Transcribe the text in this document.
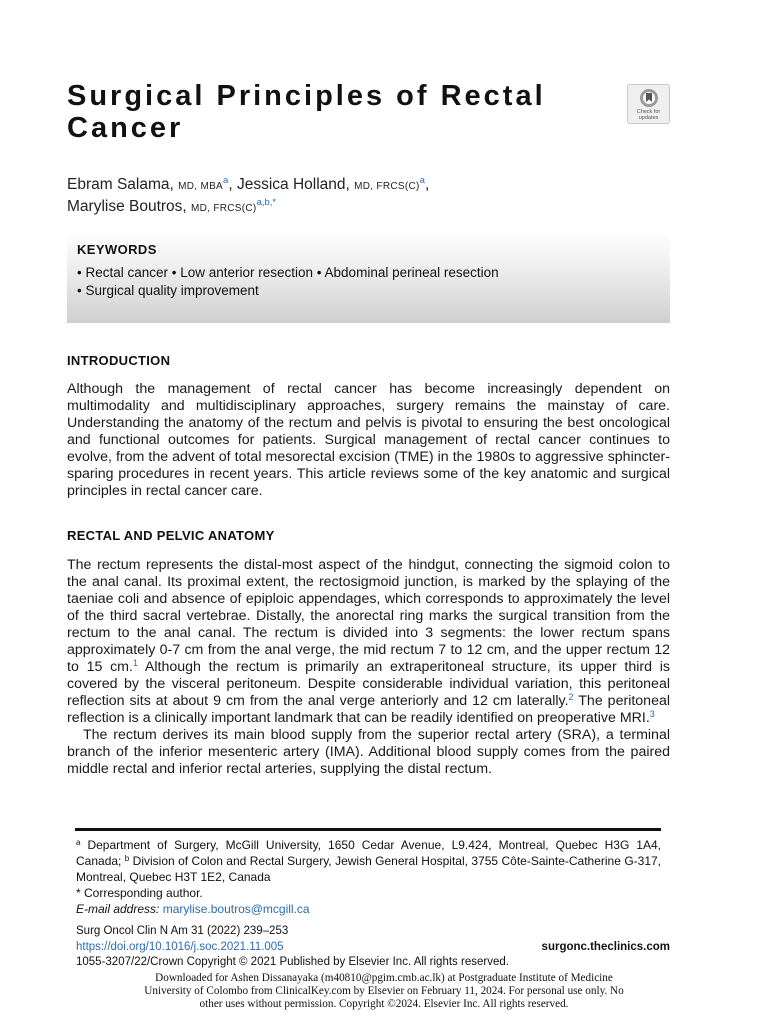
Surgical Principles of Rectal Cancer	Check for
updates
Ebram Salama, MD, MBA$^a$, Jessica Holland, MD, $FRCS(C)^a$,
Marylise Boutros, MD, $FRCS(C)^{a,b,*}$
KEYWORDS
• Rectal cancer • Low anterior resection • Abdominal perineal resection
• Surgical quality improvement
INTRODUCTION

Although the management of rectal cancer has become increasingly dependent on multimodality and multidisciplinary approaches, surgery remains the mainstay of care. Understanding the anatomy of the rectum and pelvis is pivotal to ensuring the best oncological and functional outcomes for patients. Surgical management of rectal cancer continues to evolve, from the advent of total mesorectal excision (TME) in the 1980s to aggressive sphincter-sparing procedures in recent years. This article reviews some of the key anatomic and surgical principles in rectal cancer care.

RECTAL AND PELVIC ANATOMY

The rectum represents the distal-most aspect of the hindgut, connecting the sigmoid colon to the anal canal. Its proximal extent, the rectosigmoid junction, is marked by the splaying of the taeniae coli and absence of epiploic appendages, which corresponds to approximately the level of the third sacral vertebrae. Distally, the anorectal ring marks the surgical transition from the rectum to the anal canal. The rectum is divided into 3 segments: the lower rectum spans approximately 0-7 cm from the anal verge, the mid rectum 7 to 12 cm, and the upper rectum 12 to 15 cm.$^1$ Although the rectum is primarily an extraperitoneal structure, its upper third is covered by the visceral peritoneum. Despite considerable individual variation, this peritoneal reflection sits at about 9 cm from the anal verge anteriorly and 12 cm laterally.$^2$ The peritoneal reflection is a clinically important landmark that can be readily identified on preoperative MRI.$^3$

The rectum derives its main blood supply from the superior rectal artery (SRA), a terminal branch of the inferior mesenteric artery (IMA). Additional blood supply comes from the paired middle rectal and inferior rectal arteries, supplying the distal rectum.

$^a$ Department of Surgery, McGill University, 1650 Cedar Avenue, L9.424, Montreal, Quebec H3G 1A4, Canada; $^b$ Division of Colon and Rectal Surgery, Jewish General Hospital, 3755 Côte-Sainte-Catherine G-317, Montreal, Quebec H3T 1E2, Canada
* Corresponding author.
E-mail address: marylise.boutros@mcgill.ca
Surg Oncol Clin N Am 31 (2022) 239–253
https://doi.org/10.1016/j.soc.2021.11.005	surgonc.theclinics.com
1055-3207/22/Crown Copyright © 2021 Published by Elsevier Inc. All rights reserved.
Downloaded for Ashen Dissanayaka (m40810@pgim.cmb.ac.lk) at Postgraduate Institute of Medicine University of Colombo from ClinicalKey.com by Elsevier on February 11, 2024. For personal use only. No other uses without permission. Copyright ©2024. Elsevier Inc. All rights reserved.
